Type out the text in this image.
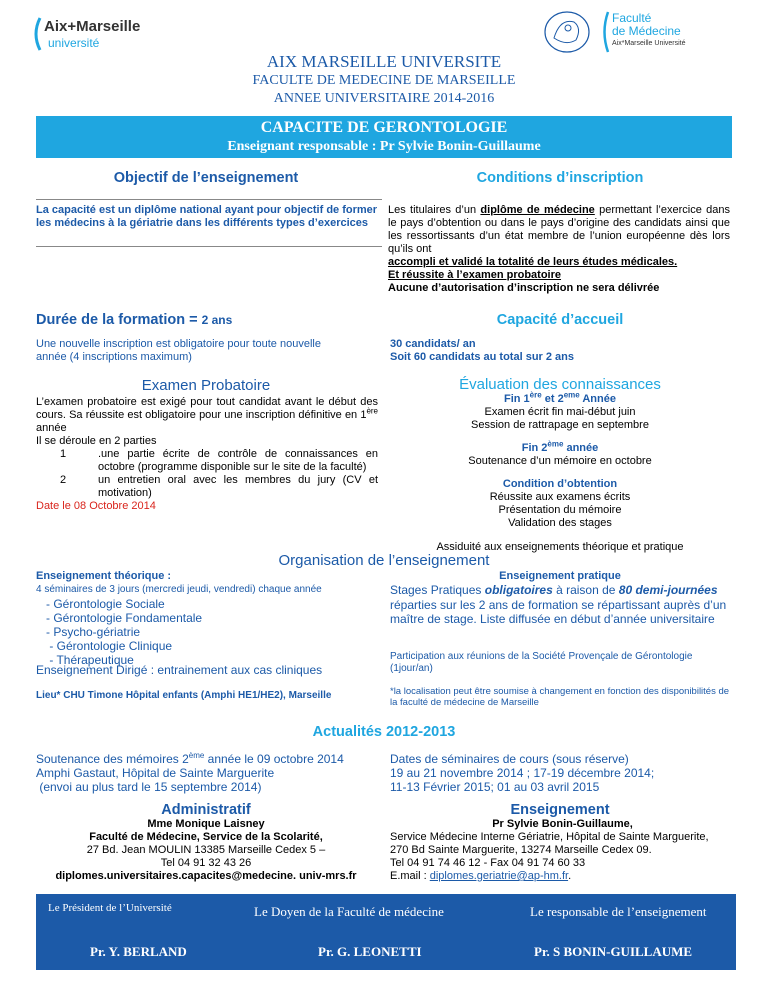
Aix+Marseille
université
Faculté
de Médecine
Aix*Marseille Université
AIX MARSEILLE UNIVERSITE
FACULTE DE MEDECINE DE MARSEILLE
ANNEE UNIVERSITAIRE 2014-2016
CAPACITE DE GERONTOLOGIE
Enseignant responsable : Pr Sylvie Bonin-Guillaume
Objectif de l’enseignement
La capacité est un diplôme national ayant pour objectif de former les médecins à la gériatrie dans les différents types d’exercices
Conditions d’inscription
Les titulaires d’un diplôme de médecine permettant l’exercice dans le pays d’obtention ou dans le pays d’origine des candidats ainsi que les ressortissants d’un état membre de l’union européenne dès lors qu’ils ont
accompli et validé la totalité de leurs études médicales.
Et réussite à l’examen probatoire
Aucune d’autorisation d’inscription ne sera délivrée
Durée de la formation = 2 ans
Une nouvelle inscription est obligatoire pour toute nouvelle année (4 inscriptions maximum)
Capacité d’accueil
30 candidats/ an
Soit 60 candidats au total sur 2 ans
Examen Probatoire
L’examen probatoire est exigé pour tout candidat avant le début des cours. Sa réussite est obligatoire pour une inscription définitive en 1ère année
Il se déroule en 2 parties
1	.une partie écrite de contrôle de connaissances en octobre (programme disponible sur le site de la faculté)
2	un entretien oral avec les membres du jury (CV et motivation)
Date le 08 Octobre 2014
Évaluation des connaissances
Fin 1ère et 2eme Année
Examen écrit fin mai-début juin
Session de rattrapage en septembre
Fin 2ème année
Soutenance d’un mémoire en octobre
Condition d’obtention
Réussite aux examens écrits
Présentation du mémoire
Validation des stages
Assiduité aux enseignements théorique et pratique
Organisation de l’enseignement
Enseignement théorique :
4 séminaires de 3 jours (mercredi jeudi, vendredi) chaque année
- Gérontologie Sociale
- Gérontologie Fondamentale
- Psycho-gériatrie
- Gérontologie Clinique
- Thérapeutique
Enseignement Dirigé : entrainement aux cas cliniques
Enseignement pratique
Stages Pratiques obligatoires à raison de 80 demi-journées réparties sur les 2 ans de formation se répartissant auprès d’un maître de stage. Liste diffusée en début d’année universitaire
Participation aux réunions de la Société Provençale de Gérontologie (1jour/an)
Lieu* CHU Timone Hôpital enfants (Amphi HE1/HE2), Marseille	*la localisation peut être soumise à changement en fonction des disponibilités de la faculté de médecine de Marseille
Actualités 2012-2013
Soutenance des mémoires 2ème année le 09 octobre 2014
Amphi Gastaut, Hôpital de Sainte Marguerite
(envoi au plus tard le 15 septembre 2014)
Dates de séminaires de cours (sous réserve)
19 au 21 novembre 2014 ; 17-19 décembre 2014;
11-13 Février 2015; 01 au 03 avril 2015
Administratif
Mme Monique Laisney
Faculté de Médecine, Service de la Scolarité,
27 Bd. Jean MOULIN 13385 Marseille Cedex 5 –
Tel 04 91 32 43 26
diplomes.universitaires.capacites@medecine. univ-mrs.fr
Enseignement
Pr Sylvie Bonin-Guillaume,
Service Médecine Interne Gériatrie, Hôpital de Sainte Marguerite,
270 Bd Sainte Marguerite, 13274 Marseille Cedex 09.
Tel 04 91 74 46 12 - Fax 04 91 74 60 33
E.mail : diplomes.geriatrie@ap-hm.fr.
Le Président de l’Université	Le Doyen de la Faculté de médecine	Le responsable de l’enseignement
Pr. Y. BERLAND	Pr. G. LEONETTI	Pr. S BONIN-GUILLAUME
